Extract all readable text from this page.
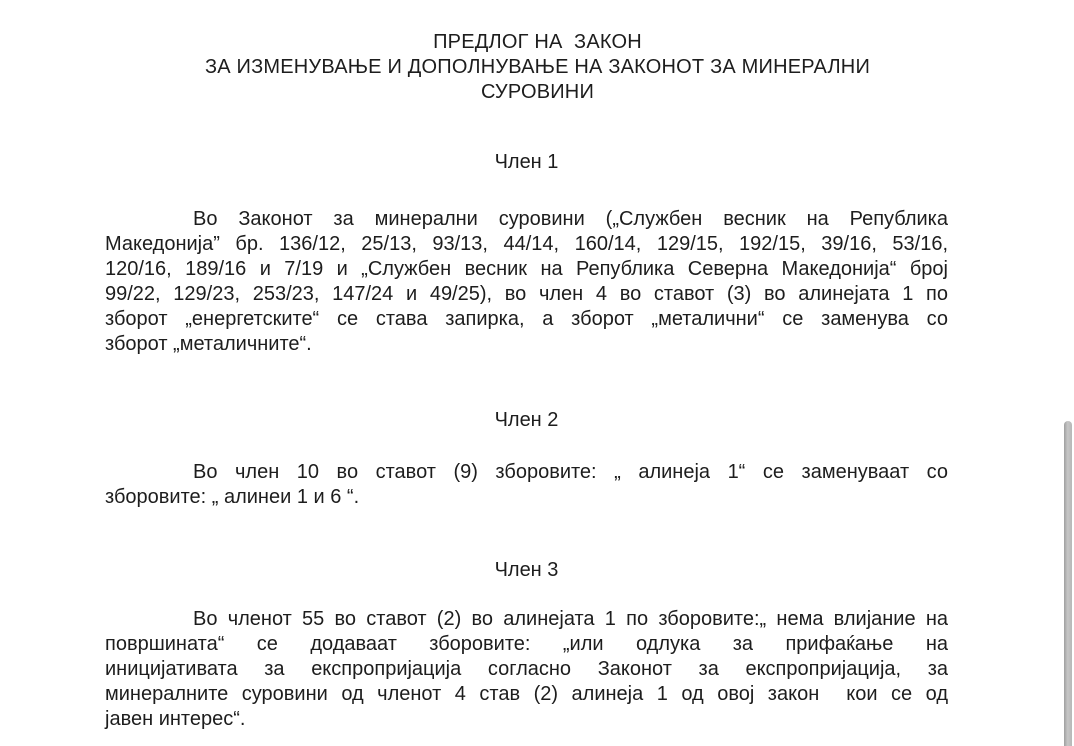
ПРЕДЛОГ НА  ЗАКОН
ЗА ИЗМЕНУВАЊЕ И ДОПОЛНУВАЊЕ НА ЗАКОНОТ ЗА МИНЕРАЛНИ
СУРОВИНИ
Член 1
Во Законот за минерални суровини („Службен весник на Република
Македонија” бр. 136/12, 25/13, 93/13, 44/14, 160/14, 129/15, 192/15, 39/16, 53/16,
120/16, 189/16 и 7/19 и „Службен весник на Република Северна Македонија“ број
99/22, 129/23, 253/23, 147/24 и 49/25), во член 4 во ставот (3) во алинејата 1 по
зборот „енергетските“ се става запирка, а зборот „металични“ се заменува со
зборот „металичните“.
Член 2
Во член 10 во ставот (9) зборовите: „ алинеја 1“ се заменуваат со
зборовите: „ алинеи 1 и 6 “.
Член 3
Во членот 55 во ставот (2) во алинејата 1 по зборовите:„ нема влијание на
површината“ се додаваат зборовите: „или одлука за прифаќање на
иницијативата за експропријација согласно Законот за експропријација, за
минералните суровини од членот 4 став (2) алинеја 1 од овој закон  кои се од
јавен интерес“.
